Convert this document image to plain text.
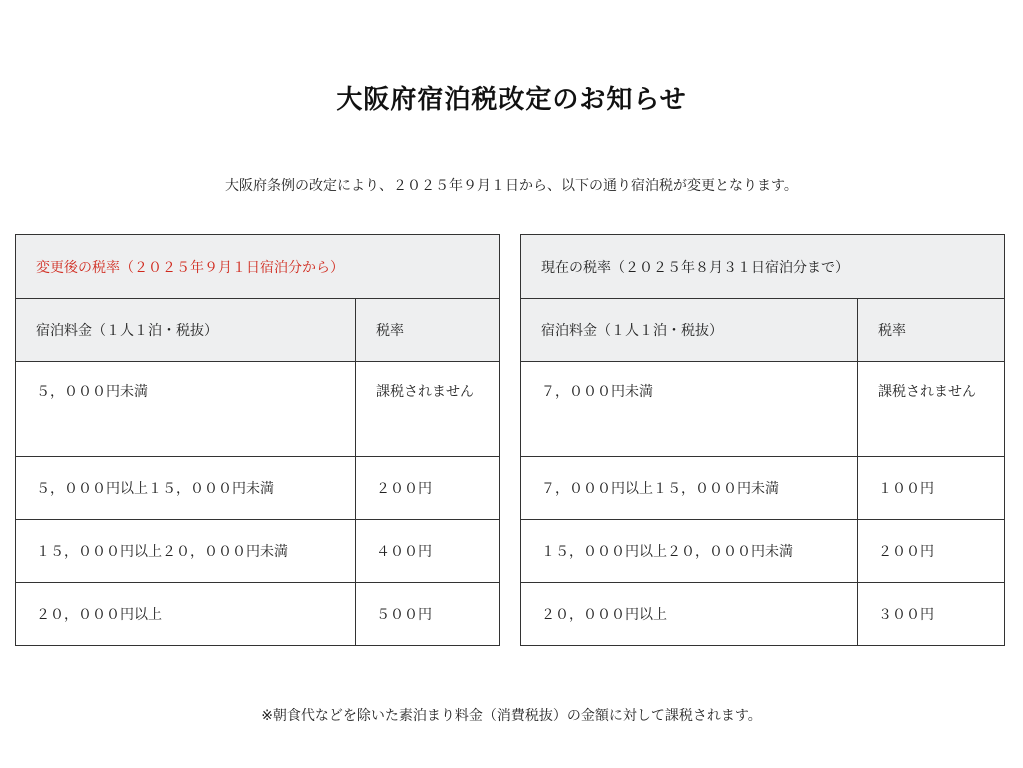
大阪府宿泊税改定のお知らせ

大阪府条例の改定により、２０２５年９月１日から、以下の通り宿泊税が変更となります。

変更後の税率（２０２５年９月１日宿泊分から）	
宿泊料金（１人１泊・税抜）	税率

５，０００円未満	課税されません

５，０００円以上１５，０００円未満	２００円
１５，０００円以上２０，０００円未満	４００円
２０，０００円以上	５００円
現在の税率（２０２５年８月３１日宿泊分まで）	
宿泊料金（１人１泊・税抜）	税率

７，０００円未満	課税されません

７，０００円以上１５，０００円未満	１００円
１５，０００円以上２０，０００円未満	２００円
２０，０００円以上	３００円

※朝食代などを除いた素泊まり料金（消費税抜）の金額に対して課税されます。
